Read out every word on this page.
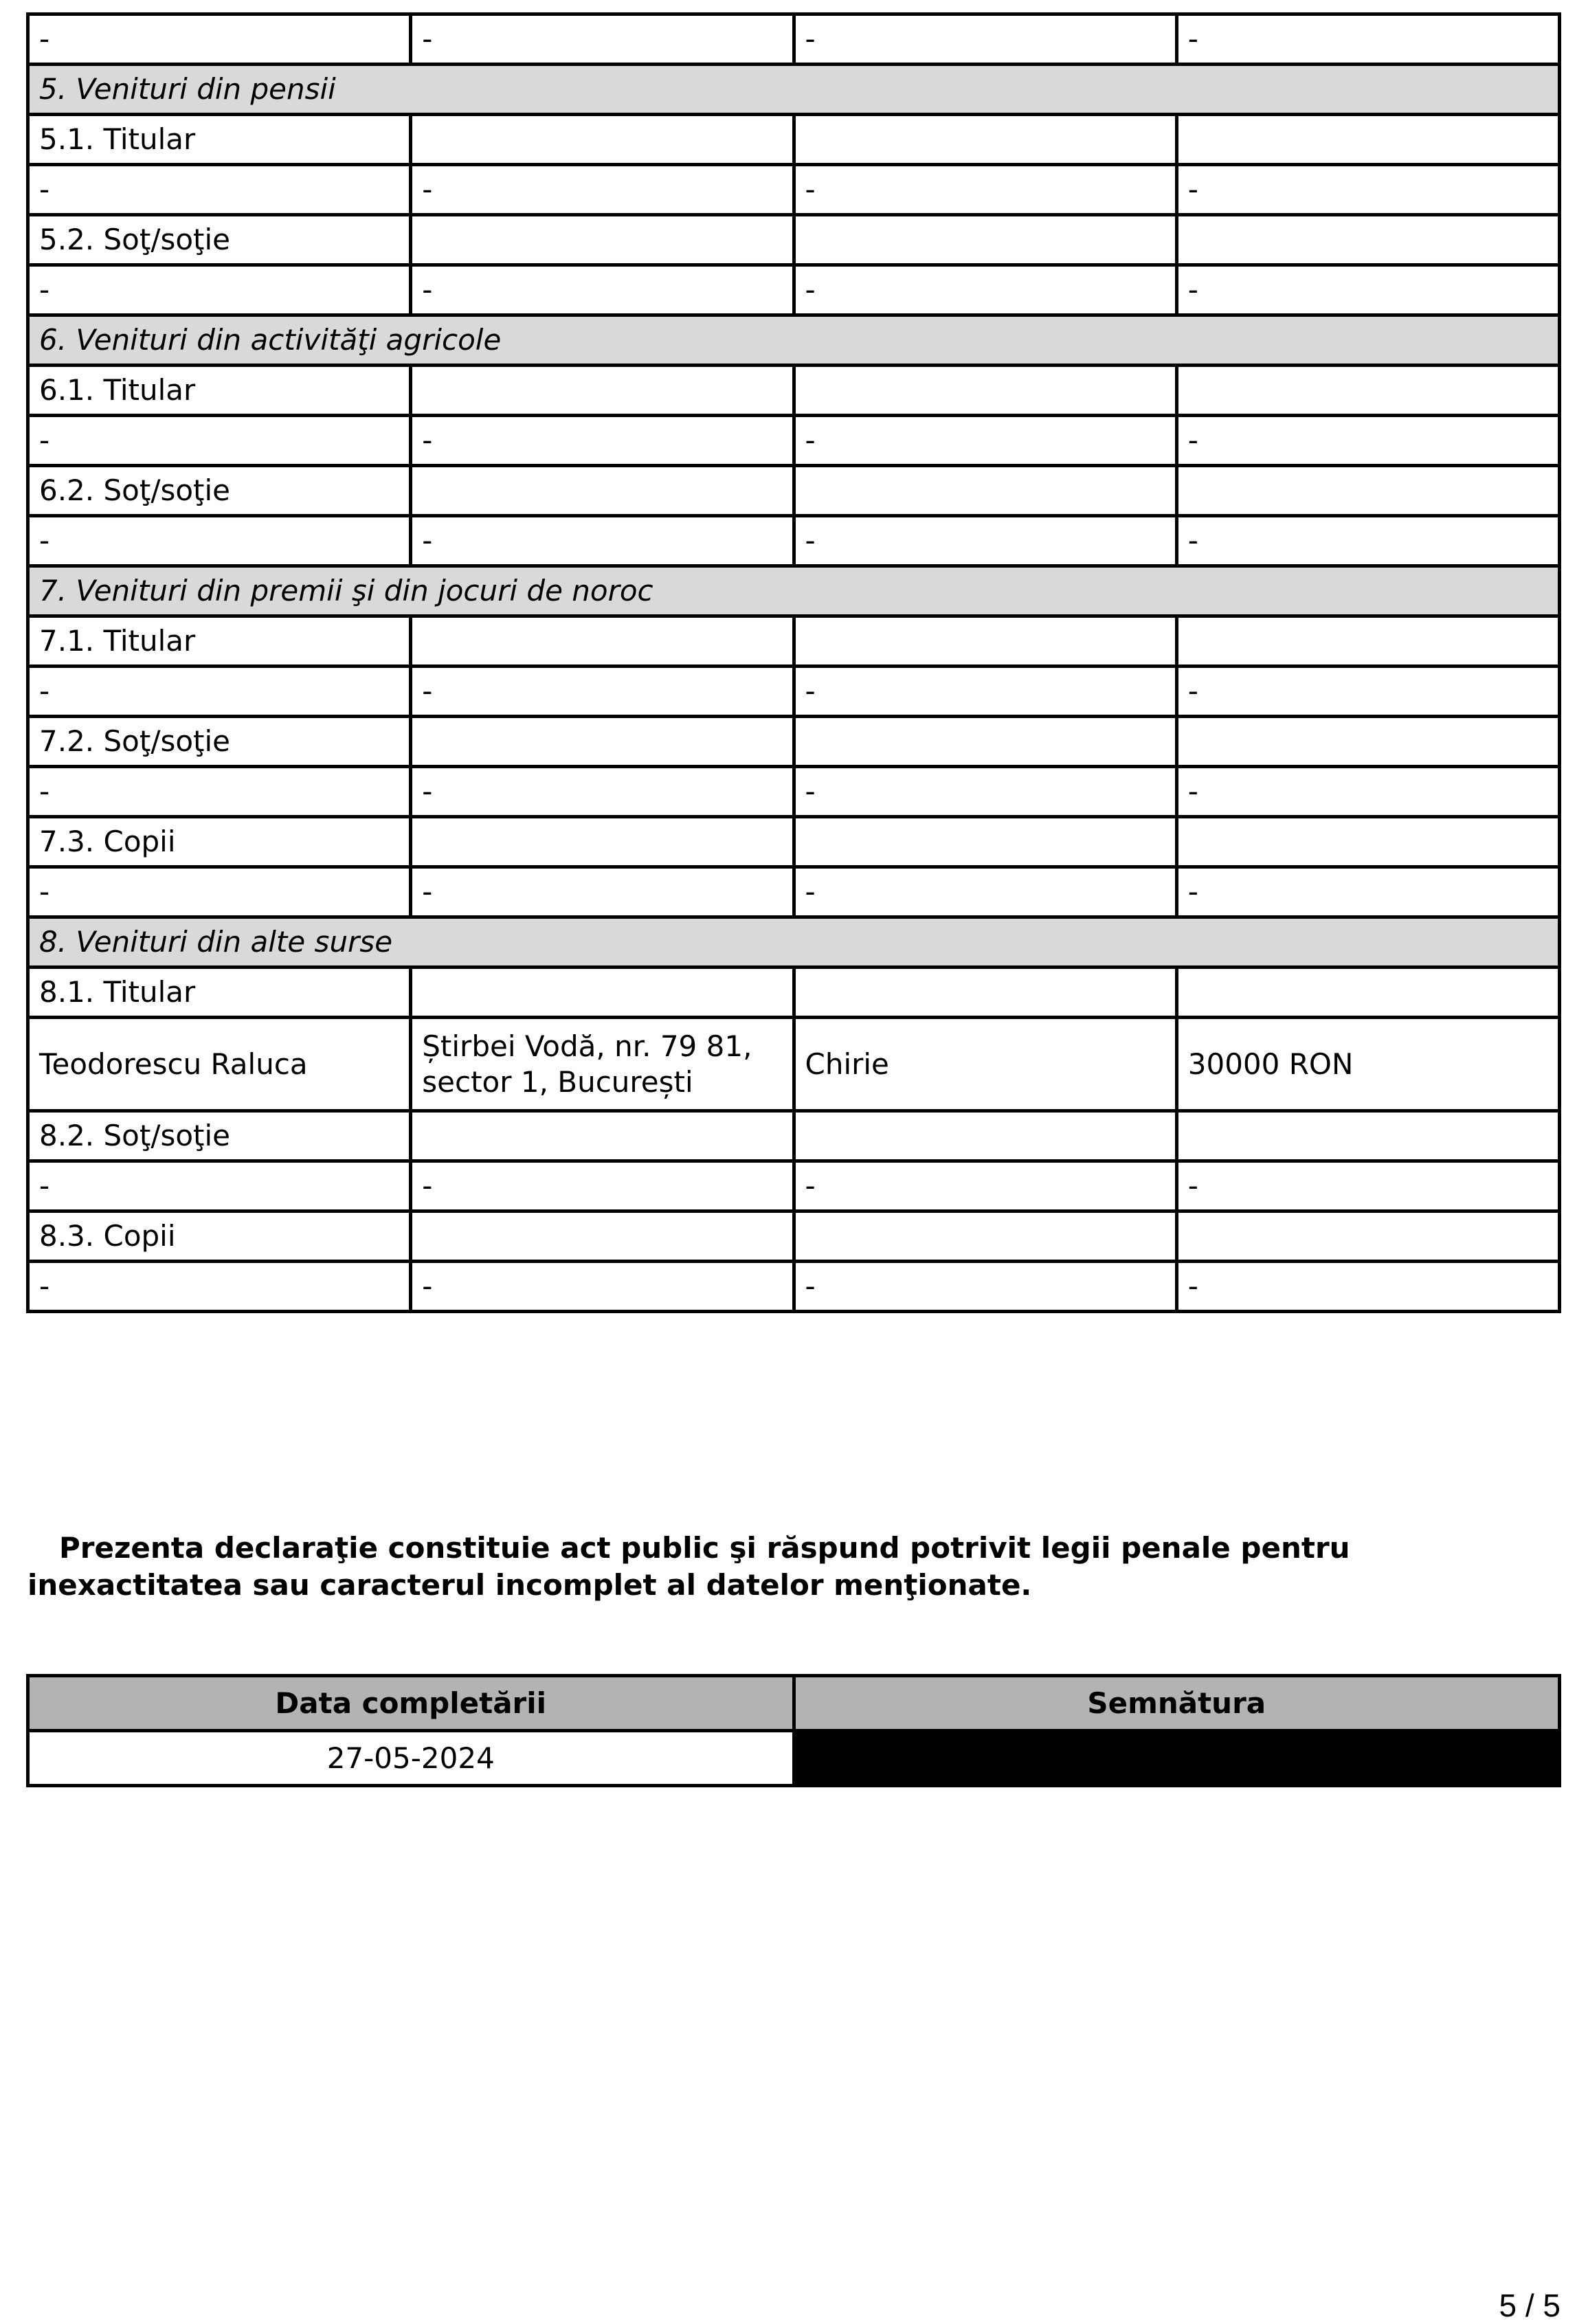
-	-	-	-
5. Venituri din pensii			
5.1. Titular			
-	-	-	-
5.2. Soţ/soţie			
-	-	-	-
6. Venituri din activităţi agricole			
6.1. Titular			
-	-	-	-
6.2. Soţ/soţie			
-	-	-	-
7. Venituri din premii şi din jocuri de noroc			
7.1. Titular			
-	-	-	-
7.2. Soţ/soţie			
-	-	-	-
7.3. Copii			
-	-	-	-
8. Venituri din alte surse			
8.1. Titular			
Teodorescu Raluca	Știrbei Vodă, nr. 79 81, sector 1, București	Chirie	30000 RON
8.2. Soţ/soţie			
-	-	-	-
8.3. Copii			
-	-	-	-
Prezenta declaraţie constituie act public şi răspund potrivit legii penale pentru inexactitatea sau caracterul incomplet al datelor menţionate.
Data completării	Semnătura
27-05-2024	
5 / 5
